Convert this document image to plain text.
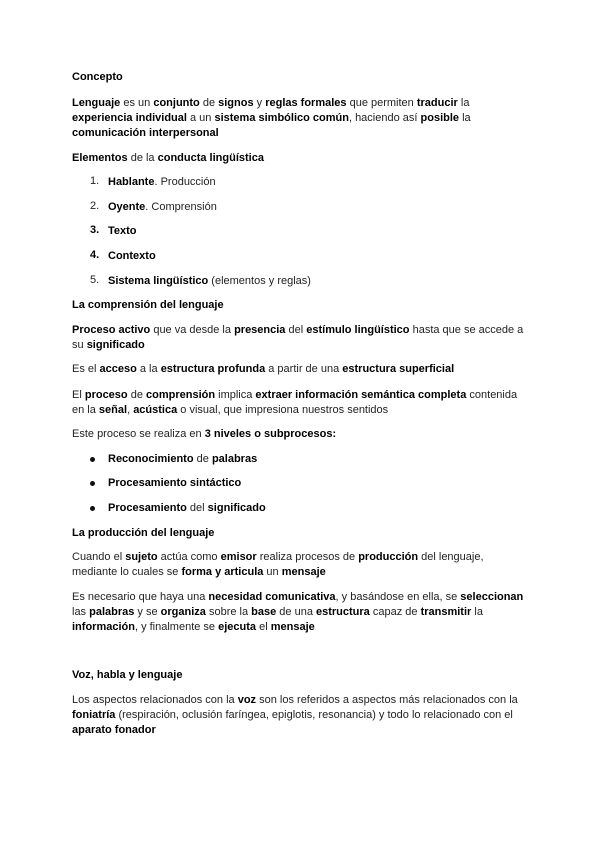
Concepto
Lenguaje es un conjunto de signos y reglas formales que permiten traducir la
experiencia individual a un sistema simbólico común, haciendo así posible la
comunicación interpersonal
Elementos de la conducta lingüística
1. Hablante. Producción
2. Oyente. Comprensión
3. Texto
4. Contexto
5. Sistema lingüístico (elementos y reglas)
La comprensión del lenguaje
Proceso activo que va desde la presencia del estímulo lingüístico hasta que se accede a
su significado
Es el acceso a la estructura profunda a partir de una estructura superficial
El proceso de comprensión implica extraer información semántica completa contenida
en la señal, acústica o visual, que impresiona nuestros sentidos
Este proceso se realiza en 3 niveles o subprocesos:
Reconocimiento de palabras
Procesamiento sintáctico
Procesamiento del significado
La producción del lenguaje
Cuando el sujeto actúa como emisor realiza procesos de producción del lenguaje,
mediante lo cuales se forma y articula un mensaje
Es necesario que haya una necesidad comunicativa, y basándose en ella, se seleccionan
las palabras y se organiza sobre la base de una estructura capaz de transmitir la
información, y finalmente se ejecuta el mensaje
Voz, habla y lenguaje
Los aspectos relacionados con la voz son los referidos a aspectos más relacionados con la
foniatría (respiración, oclusión faríngea, epiglotis, resonancia) y todo lo relacionado con el
aparato fonador
